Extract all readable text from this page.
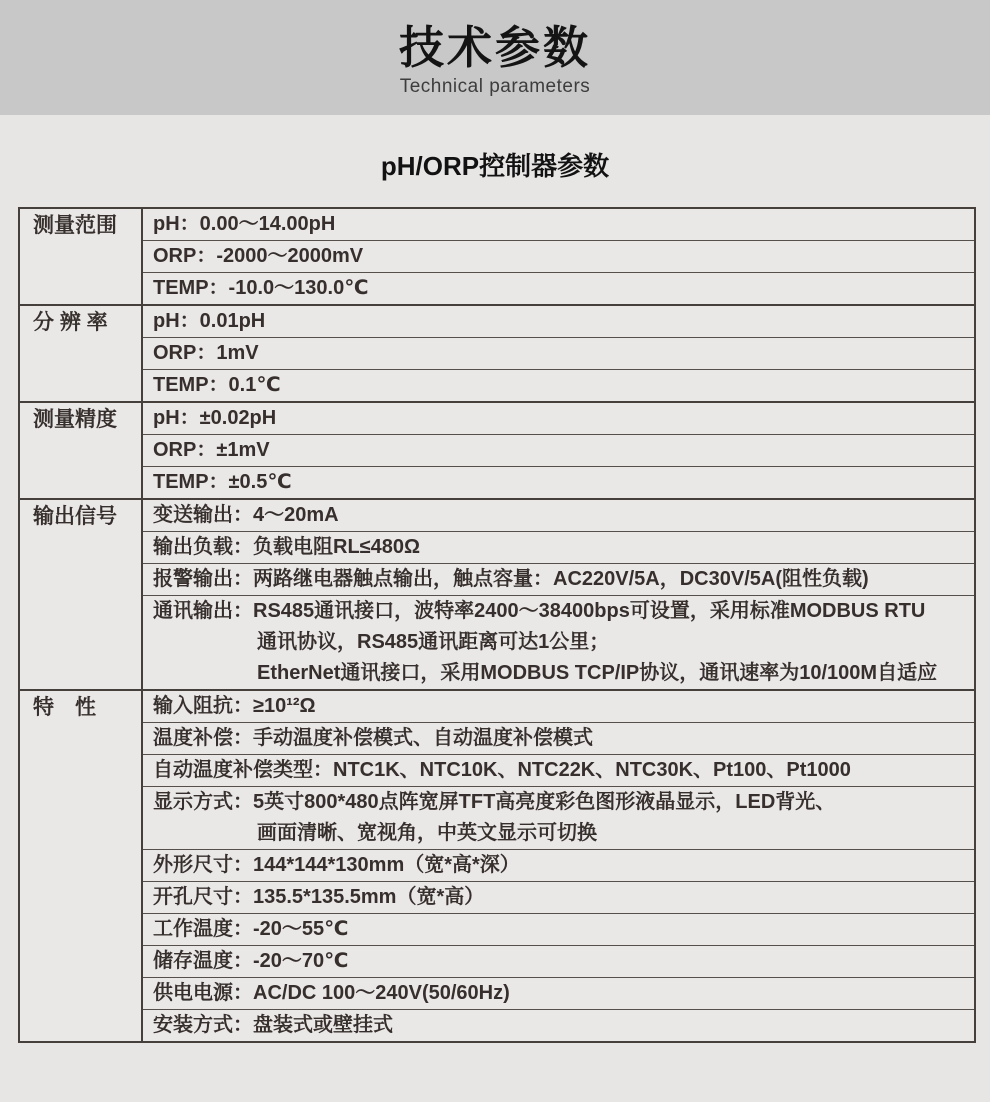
技术参数
Technical parameters
pH/ORP控制器参数
测量范围	pH：0.00～14.00pH
ORP：-2000～2000mV
TEMP：-10.0～130.0℃
分 辨 率	pH：0.01pH
ORP：1mV
TEMP：0.1℃
测量精度	pH：±0.02pH
ORP：±1mV
TEMP：±0.5℃
输出信号	变送输出：4～20mA
输出负载：负载电阻RL≤480Ω
报警输出：两路继电器触点输出，触点容量：AC220V/5A，DC30V/5A(阻性负载)
通讯输出：RS485通讯接口，波特率2400～38400bps可设置，采用标准MODBUS RTU
通讯协议，RS485通讯距离可达1公里；
EtherNet通讯接口，采用MODBUS TCP/IP协议，通讯速率为10/100M自适应
特　性	输入阻抗：≥10¹²Ω
温度补偿：手动温度补偿模式、自动温度补偿模式
自动温度补偿类型：NTC1K、NTC10K、NTC22K、NTC30K、Pt100、Pt1000
显示方式：5英寸800*480点阵宽屏TFT高亮度彩色图形液晶显示，LED背光、
画面清晰、宽视角，中英文显示可切换
外形尺寸：144*144*130mm（宽*高*深）
开孔尺寸：135.5*135.5mm（宽*高）
工作温度：-20～55℃
储存温度：-20～70℃
供电电源：AC/DC 100～240V(50/60Hz)
安装方式：盘装式或壁挂式
